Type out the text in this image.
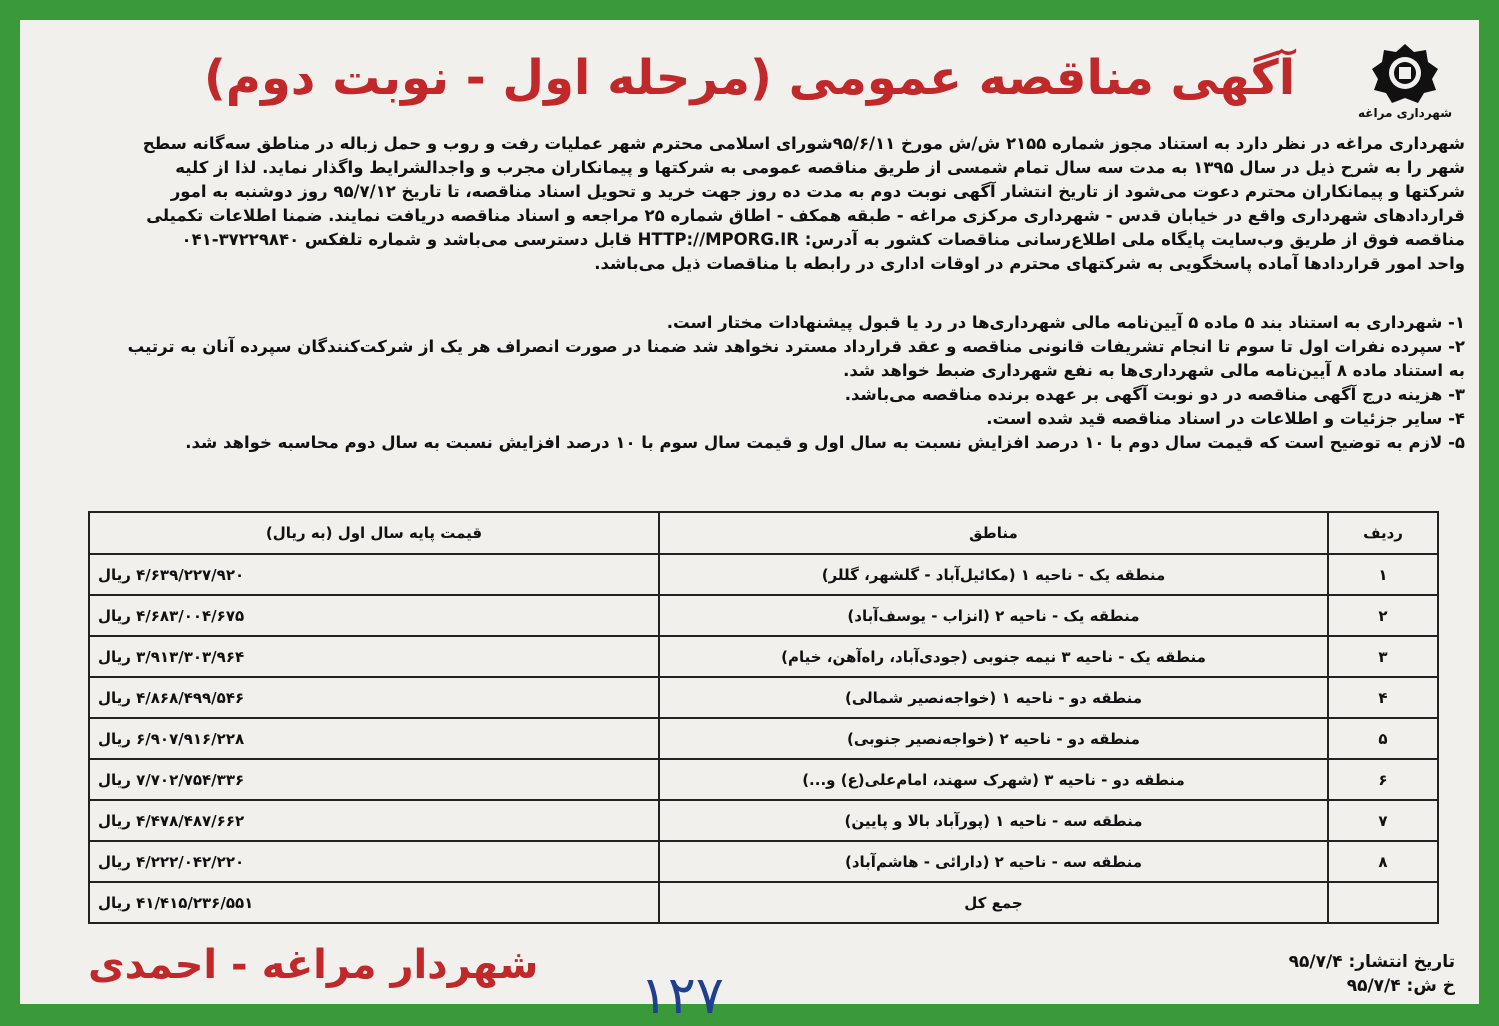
شهرداری مراغه
آگهی مناقصه عمومی (مرحله اول - نوبت دوم)

شهرداری مراغه در نظر دارد به استناد مجوز شماره ۲۱۵۵ ش/ش مورخ ۹۵/۶/۱۱شورای اسلامی محترم شهر عملیات رفت و روب و حمل زباله در مناطق سه‌گانه سطح

شهر را به شرح ذیل در سال ۱۳۹۵ به مدت سه سال تمام شمسی از طریق مناقصه عمومی به شرکتها و پیمانکاران مجرب و واجدالشرایط واگذار نماید. لذا از کلیه

شرکتها و پیمانکاران محترم دعوت می‌شود از تاریخ انتشار آگهی نوبت دوم به مدت ده روز جهت خرید و تحویل اسناد مناقصه، تا تاریخ ۹۵/۷/۱۲ روز دوشنبه به امور

قراردادهای شهرداری واقع در خیابان قدس - شهرداری مرکزی مراغه - طبقه همکف - اطاق شماره ۲۵ مراجعه و اسناد مناقصه دریافت نمایند. ضمنا اطلاعات تکمیلی

مناقصه فوق از طریق وب‌سایت پایگاه ملی اطلاع‌رسانی مناقصات کشور به آدرس: HTTP://MPORG.IR قابل دسترسی می‌باشد و شماره تلفکس ۳۷۲۲۹۸۴۰-۰۴۱

واحد امور قراردادها آماده پاسخگویی به شرکتهای محترم در اوقات اداری در رابطه با مناقصات ذیل می‌باشد.

۱- شهرداری به استناد بند ۵ ماده ۵ آیین‌نامه مالی شهرداری‌ها در رد یا قبول پیشنهادات مختار است.
۲- سپرده نفرات اول تا سوم تا انجام تشریفات قانونی مناقصه و عقد قرارداد مسترد نخواهد شد ضمنا در صورت انصراف هر یک از شرکت‌کنندگان سپرده آنان به ترتیب
به استناد ماده ۸ آیین‌نامه مالی شهرداری‌ها به نفع شهرداری ضبط خواهد شد.
۳- هزینه درج آگهی مناقصه در دو نوبت آگهی بر عهده برنده مناقصه می‌باشد.
۴- سایر جزئیات و اطلاعات در اسناد مناقصه قید شده است.
۵- لازم به توضیح است که قیمت سال دوم با ۱۰ درصد افزایش نسبت به سال اول و قیمت سال سوم با ۱۰ درصد افزایش نسبت به سال دوم محاسبه خواهد شد.
ردیف	مناطق	قیمت پایه سال اول (به ریال)
۱	منطقه یک - ناحیه ۱ (مکائیل‌آباد - گلشهر، گللر)	۴/۶۳۹/۲۲۷/۹۲۰ ریال
۲	منطقه یک - ناحیه ۲ (انزاب - یوسف‌آباد)	۴/۶۸۳/۰۰۴/۶۷۵ ریال
۳	منطقه یک - ناحیه ۳ نیمه جنوبی (جودی‌آباد، راه‌آهن، خیام)	۳/۹۱۳/۳۰۳/۹۶۴ ریال
۴	منطقه دو - ناحیه ۱ (خواجه‌نصیر شمالی)	۴/۸۶۸/۴۹۹/۵۴۶ ریال
۵	منطقه دو - ناحیه ۲ (خواجه‌نصیر جنوبی)	۶/۹۰۷/۹۱۶/۲۲۸ ریال
۶	منطقه دو - ناحیه ۳ (شهرک سهند، امام‌علی(ع) و...)	۷/۷۰۲/۷۵۴/۳۳۶ ریال
۷	منطقه سه - ناحیه ۱ (پورآباد بالا و پایین)	۴/۴۷۸/۴۸۷/۶۶۲ ریال
۸	منطقه سه - ناحیه ۲ (دارائی - هاشم‌آباد)	۴/۲۲۲/۰۴۲/۲۲۰ ریال
	جمع کل	۴۱/۴۱۵/۲۳۶/۵۵۱ ریال
تاریخ انتشار: ۹۵/۷/۴
خ ش: ۹۵/۷/۴
۱۲۷
شهردار مراغه - احمدی
